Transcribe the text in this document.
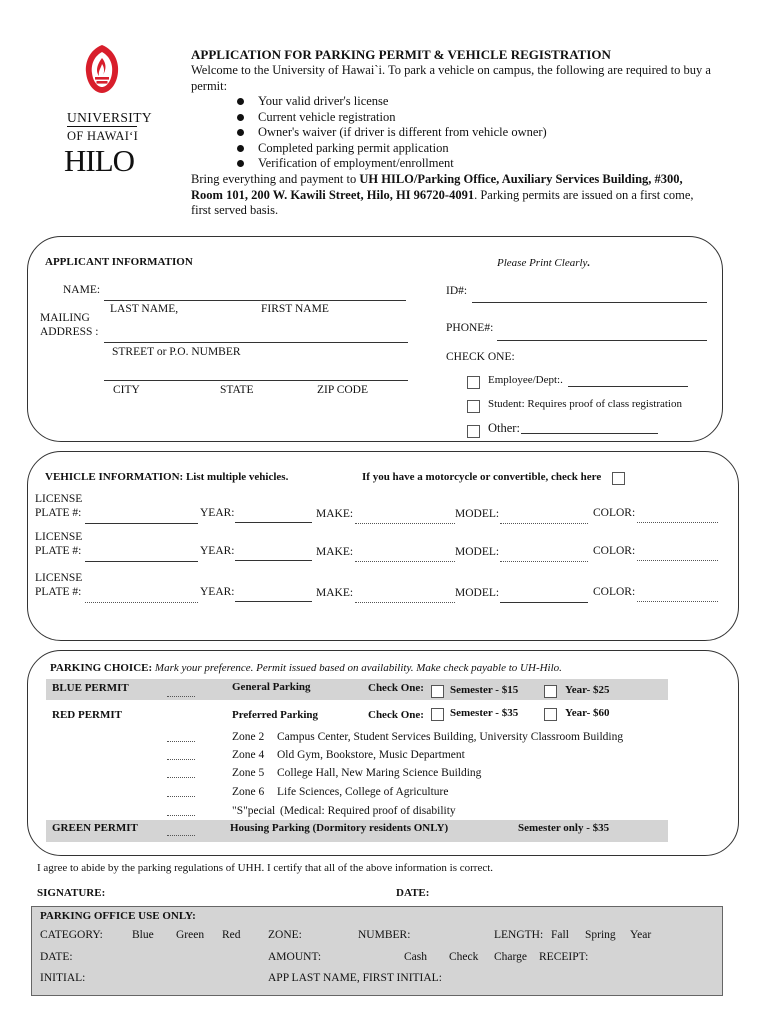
UNIVERSITY
OF HAWAI‘I
HILO
APPLICATION FOR PARKING PERMIT & VEHICLE REGISTRATION
Welcome to the University of Hawai`i. To park a vehicle on campus, the following are required to buy a
permit:
Your valid driver's license
Current vehicle registration
Owner's waiver (if driver is different from vehicle owner)
Completed parking permit application
Verification of employment/enrollment
Bring everything and payment to UH HILO/Parking Office, Auxiliary Services Building, #300,
Room 101, 200 W. Kawili Street, Hilo, HI 96720-4091. Parking permits are issued on a first come,
first served basis.
APPLICANT INFORMATION	Please Print Clearly.
NAME:
LAST NAME,	FIRST NAME
MAILING
ADDRESS :
STREET or P.O. NUMBER
CITY	STATE	ZIP CODE
ID#:
PHONE#:
CHECK ONE:
Employee/Dept:.
Student: Requires proof of class registration
Other:
VEHICLE INFORMATION: List multiple vehicles.	If you have a motorcycle or convertible, check here
LICENSE
PLATE #:	YEAR:	MAKE:	MODEL:	COLOR:
LICENSE
PLATE #:	YEAR:	MAKE:	MODEL:	COLOR:
LICENSE
PLATE #:	YEAR:	MAKE:	MODEL:	COLOR:
PARKING CHOICE: Mark your preference. Permit issued based on availability. Make check payable to UH-Hilo.
BLUE PERMIT	General Parking	Check One: Semester - $15	Year- $25
RED PERMIT	Preferred Parking	Check One: Semester - $35	Year- $60
Zone 2 Campus Center, Student Services Building, University Classroom Building
Zone 4 Old Gym, Bookstore, Music Department
Zone 5 College Hall, New Maring Science Building
Zone 6 Life Sciences, College of Agriculture
"S"pecial (Medical: Required proof of disability
GREEN PERMIT	Housing Parking (Dormitory residents ONLY)	Semester only - $35
I agree to abide by the parking regulations of UHH. I certify that all of the above information is correct.
SIGNATURE:	DATE:
PARKING OFFICE USE ONLY:
CATEGORY:	Blue Green Red ZONE:	NUMBER:	LENGTH: Fall Spring Year
DATE:	AMOUNT:	Cash Check Charge RECEIPT:
INITIAL:	APP LAST NAME, FIRST INITIAL:
